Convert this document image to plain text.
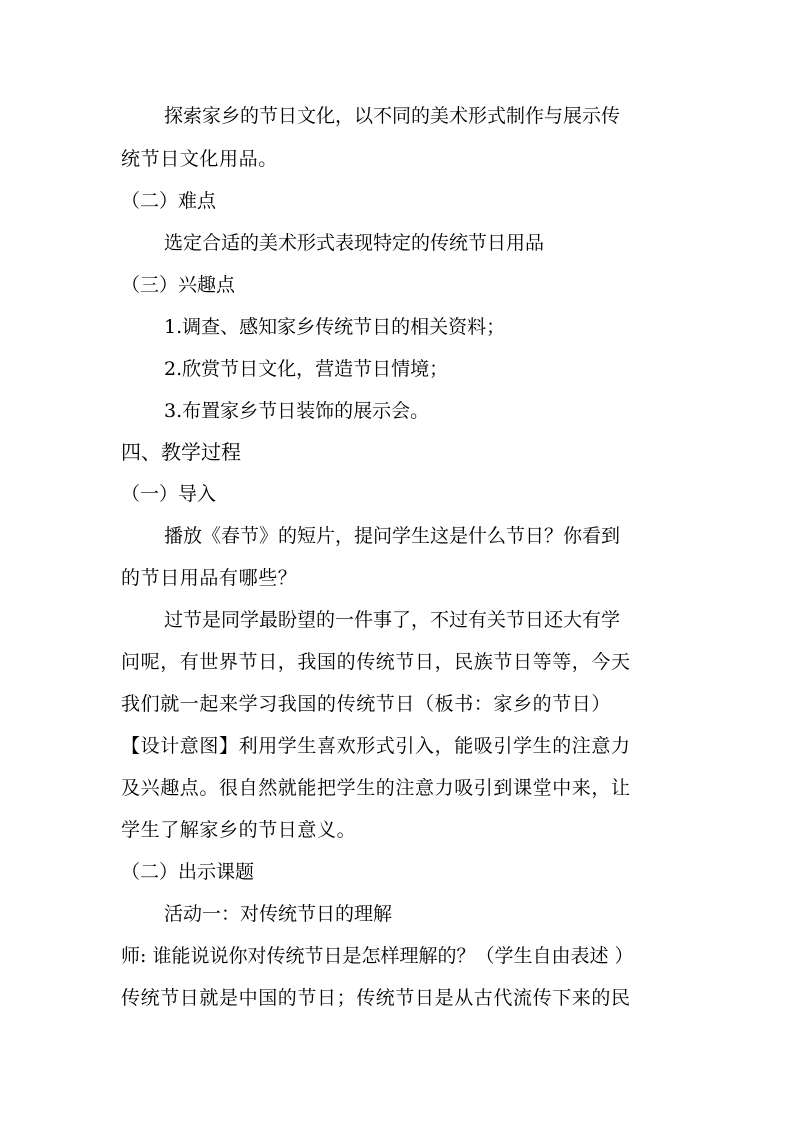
探索家乡的节日文化，以不同的美术形式制作与展示传
统节日文化用品。
（二）难点
选定合适的美术形式表现特定的传统节日用品
（三）兴趣点
1.调查、感知家乡传统节日的相关资料；
2.欣赏节日文化，营造节日情境；
3.布置家乡节日装饰的展示会。
四、教学过程
（一）导入
播放《春节》的短片，提问学生这是什么节日？你看到
的节日用品有哪些？
过节是同学最盼望的一件事了，不过有关节日还大有学
问呢，有世界节日，我国的传统节日，民族节日等等，今天
我们就一起来学习我国的传统节日（板书：家乡的节日）
【设计意图】利用学生喜欢形式引入，能吸引学生的注意力
及兴趣点。很自然就能把学生的注意力吸引到课堂中来，让
学生了解家乡的节日意义。
（二）出示课题
活动一：对传统节日的理解
师: 谁能说说你对传统节日是怎样理解的？（学生自由表述 ）
传统节日就是中国的节日；传统节日是从古代流传下来的民
